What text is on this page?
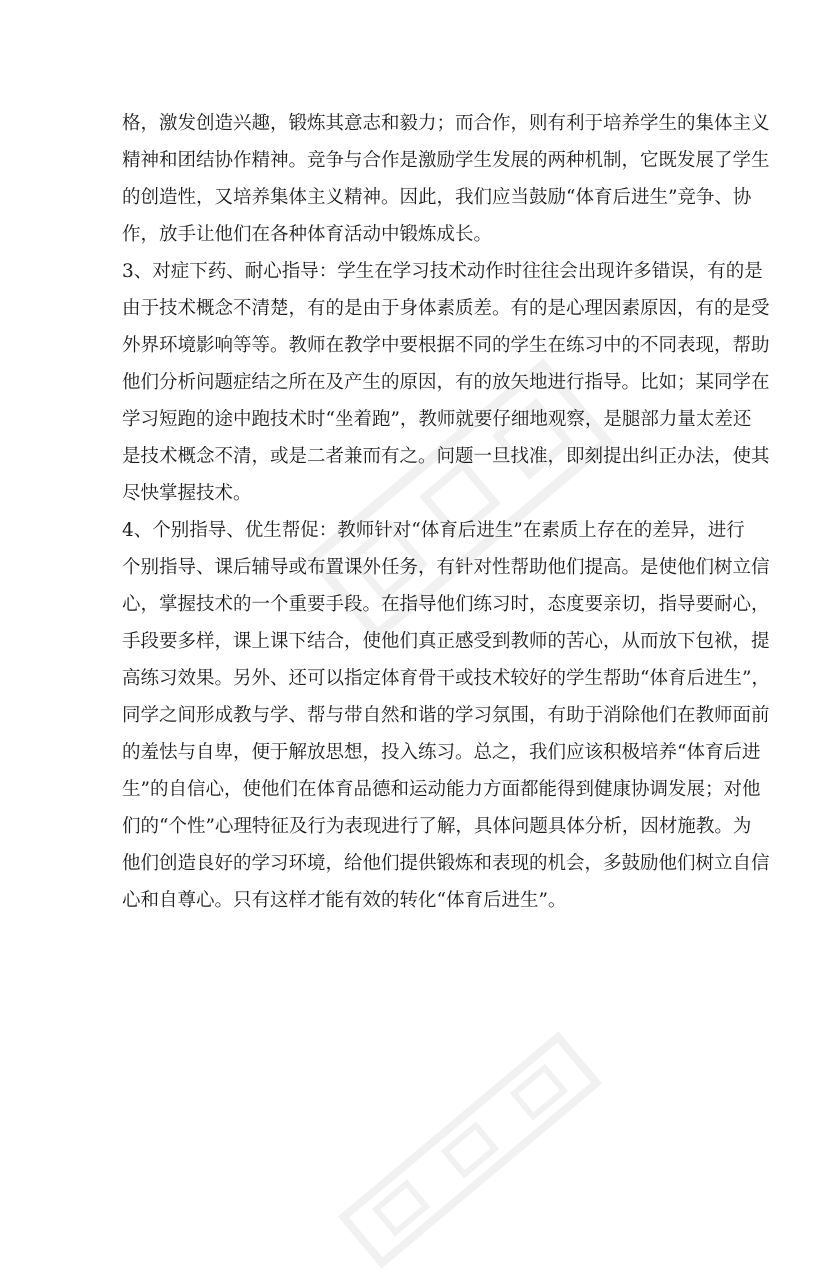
格，激发创造兴趣，锻炼其意志和毅力；而合作，则有利于培养学生的集体主义
精神和团结协作精神。竞争与合作是激励学生发展的两种机制，它既发展了学生
的创造性，又培养集体主义精神。因此，我们应当鼓励“体育后进生”竞争、协
作，放手让他们在各种体育活动中锻炼成长。

3、对症下药、耐心指导：学生在学习技术动作时往往会出现许多错误，有的是
由于技术概念不清楚，有的是由于身体素质差。有的是心理因素原因，有的是受
外界环境影响等等。教师在教学中要根据不同的学生在练习中的不同表现，帮助
他们分析问题症结之所在及产生的原因，有的放矢地进行指导。比如；某同学在
学习短跑的途中跑技术时“坐着跑”，教师就要仔细地观察，是腿部力量太差还
是技术概念不清，或是二者兼而有之。问题一旦找准，即刻提出纠正办法，使其
尽快掌握技术。

4、个别指导、优生帮促：教师针对“体育后进生”在素质上存在的差异，进行
个别指导、课后辅导或布置课外任务，有针对性帮助他们提高。是使他们树立信
心，掌握技术的一个重要手段。在指导他们练习时，态度要亲切，指导要耐心，
手段要多样，课上课下结合，使他们真正感受到教师的苦心，从而放下包袱，提
高练习效果。另外、还可以指定体育骨干或技术较好的学生帮助“体育后进生”，
同学之间形成教与学、帮与带自然和谐的学习氛围，有助于消除他们在教师面前
的羞怯与自卑，便于解放思想，投入练习。总之，我们应该积极培养“体育后进
生”的自信心，使他们在体育品德和运动能力方面都能得到健康协调发展；对他
们的“个性”心理特征及行为表现进行了解，具体问题具体分析，因材施教。为
他们创造良好的学习环境，给他们提供锻炼和表现的机会，多鼓励他们树立自信
心和自尊心。只有这样才能有效的转化“体育后进生”。
